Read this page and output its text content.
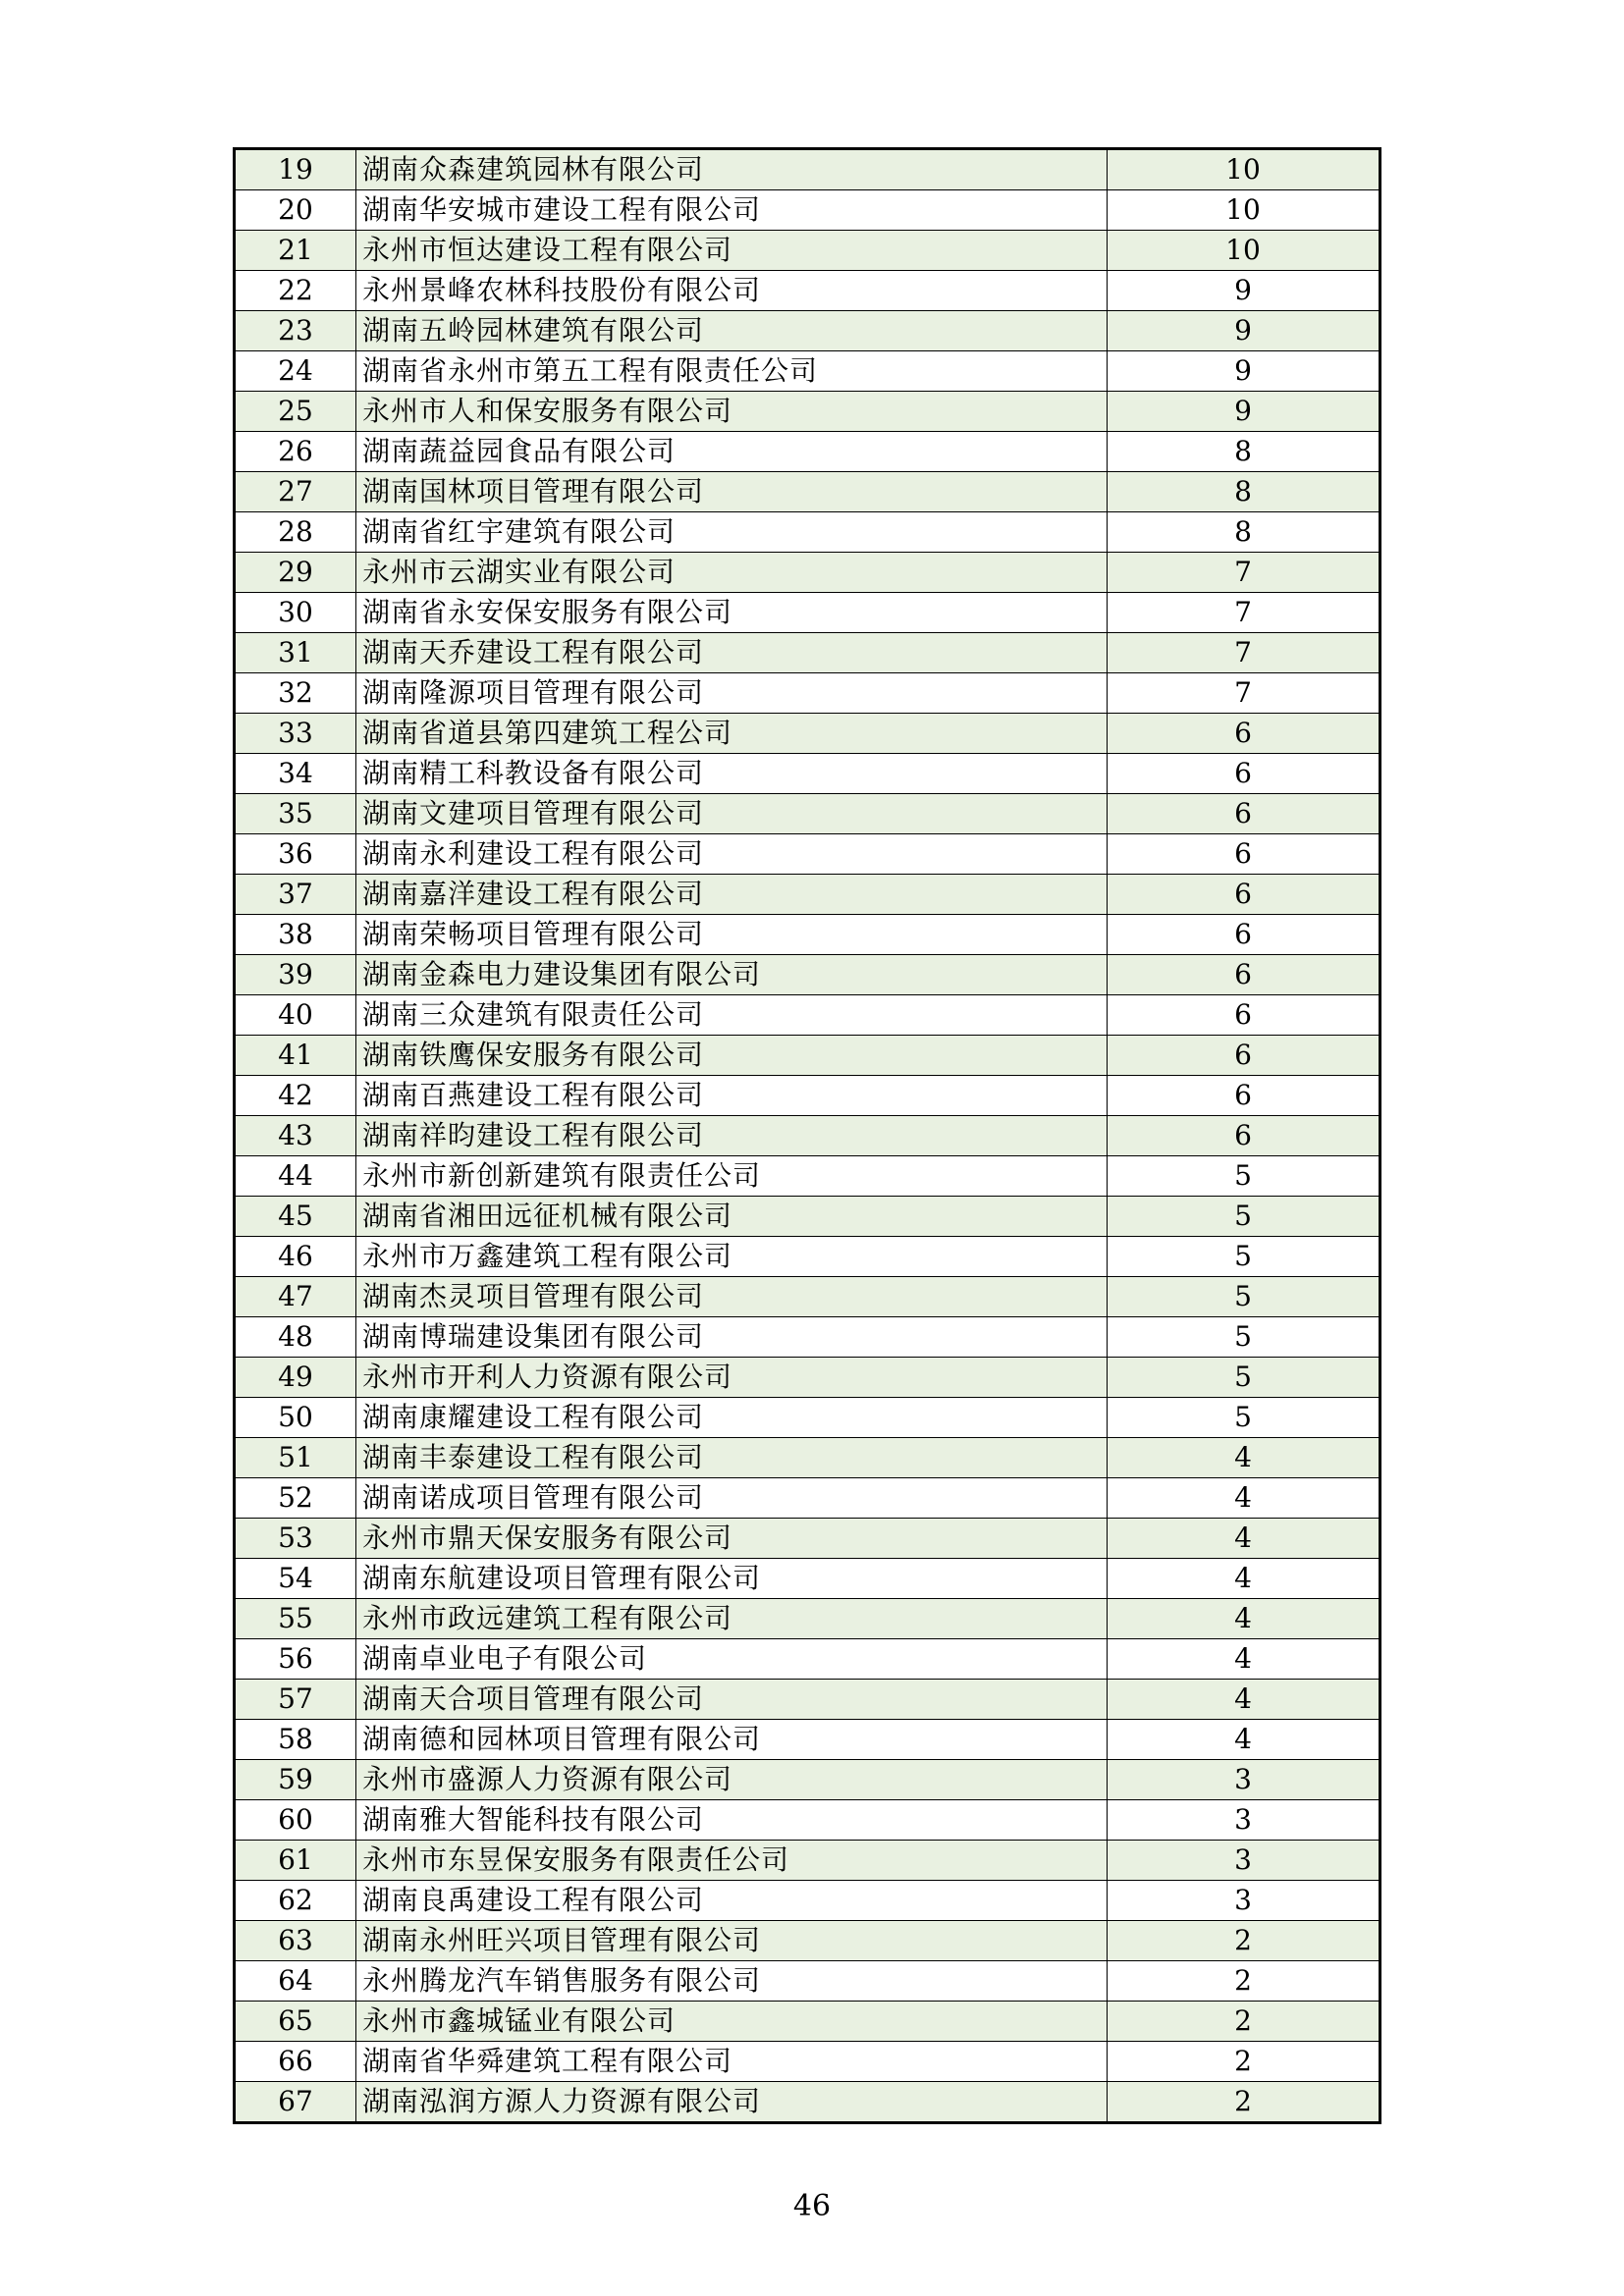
19	湖南众森建筑园林有限公司	10
20	湖南华安城市建设工程有限公司	10
21	永州市恒达建设工程有限公司	10
22	永州景峰农林科技股份有限公司	9
23	湖南五岭园林建筑有限公司	9
24	湖南省永州市第五工程有限责任公司	9
25	永州市人和保安服务有限公司	9
26	湖南蔬益园食品有限公司	8
27	湖南国林项目管理有限公司	8
28	湖南省红宇建筑有限公司	8
29	永州市云湖实业有限公司	7
30	湖南省永安保安服务有限公司	7
31	湖南天乔建设工程有限公司	7
32	湖南隆源项目管理有限公司	7
33	湖南省道县第四建筑工程公司	6
34	湖南精工科教设备有限公司	6
35	湖南文建项目管理有限公司	6
36	湖南永利建设工程有限公司	6
37	湖南嘉洋建设工程有限公司	6
38	湖南荣畅项目管理有限公司	6
39	湖南金森电力建设集团有限公司	6
40	湖南三众建筑有限责任公司	6
41	湖南铁鹰保安服务有限公司	6
42	湖南百燕建设工程有限公司	6
43	湖南祥昀建设工程有限公司	6
44	永州市新创新建筑有限责任公司	5
45	湖南省湘田远征机械有限公司	5
46	永州市万鑫建筑工程有限公司	5
47	湖南杰灵项目管理有限公司	5
48	湖南博瑞建设集团有限公司	5
49	永州市开利人力资源有限公司	5
50	湖南康耀建设工程有限公司	5
51	湖南丰泰建设工程有限公司	4
52	湖南诺成项目管理有限公司	4
53	永州市鼎天保安服务有限公司	4
54	湖南东航建设项目管理有限公司	4
55	永州市政远建筑工程有限公司	4
56	湖南卓业电子有限公司	4
57	湖南天合项目管理有限公司	4
58	湖南德和园林项目管理有限公司	4
59	永州市盛源人力资源有限公司	3
60	湖南雅大智能科技有限公司	3
61	永州市东昱保安服务有限责任公司	3
62	湖南良禹建设工程有限公司	3
63	湖南永州旺兴项目管理有限公司	2
64	永州腾龙汽车销售服务有限公司	2
65	永州市鑫城锰业有限公司	2
66	湖南省华舜建筑工程有限公司	2
67	湖南泓润方源人力资源有限公司	2
46
